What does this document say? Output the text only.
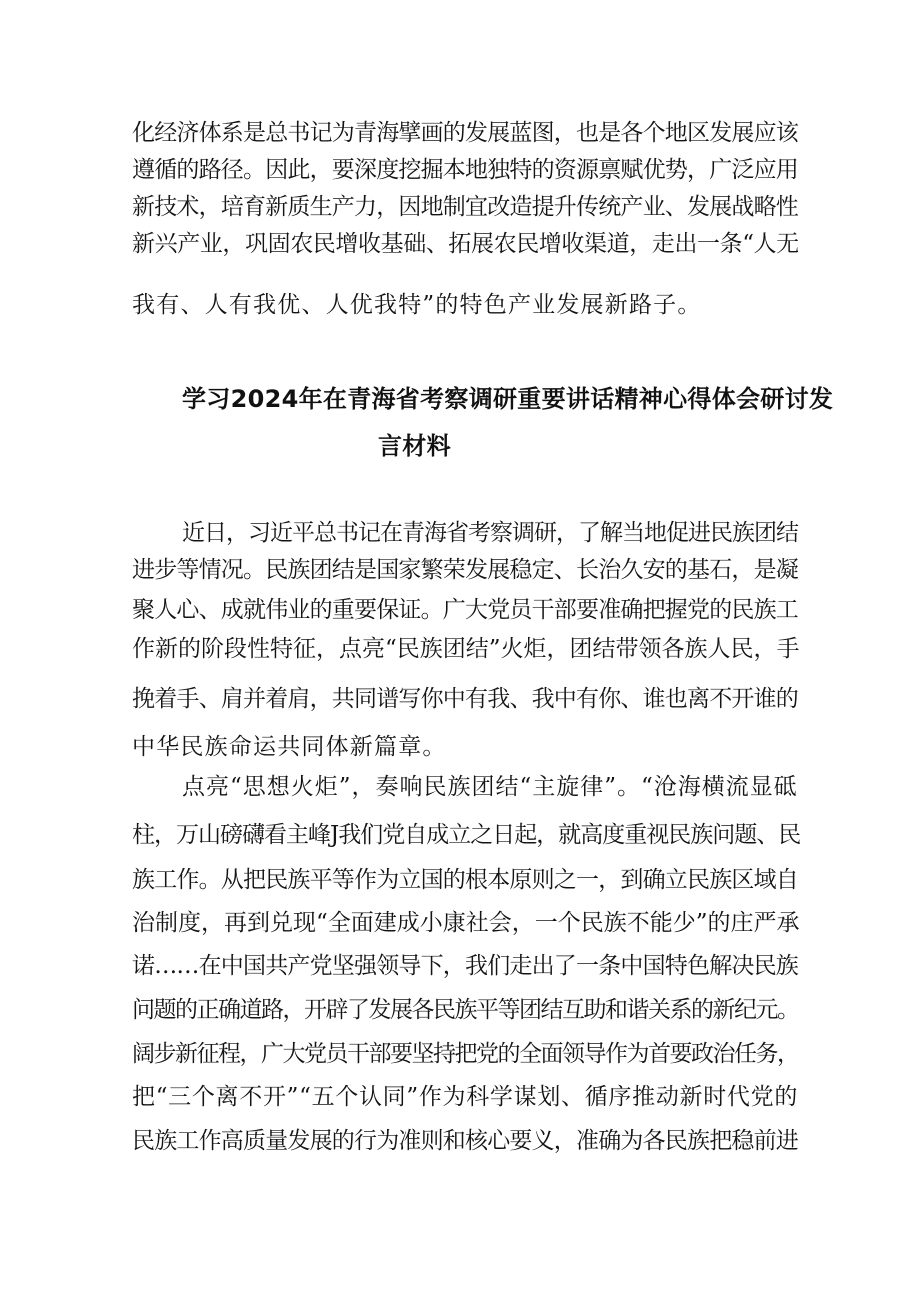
化经济体系是总书记为青海擘画的发展蓝图，也是各个地区发展应该
遵循的路径。因此，要深度挖掘本地独特的资源禀赋优势，广泛应用
新技术，培育新质生产力，因地制宜改造提升传统产业、发展战略性
新兴产业，巩固农民增收基础、拓展农民增收渠道，走出一条“人无
我有、人有我优、人优我特”的特色产业发展新路子。
学习2024年在青海省考察调研重要讲话精神心得体会研讨发
言材料
近日，习近平总书记在青海省考察调研，了解当地促进民族团结
进步等情况。民族团结是国家繁荣发展稳定、长治久安的基石，是凝
聚人心、成就伟业的重要保证。广大党员干部要准确把握党的民族工
作新的阶段性特征，点亮“民族团结”火炬，团结带领各族人民，手
挽着手、肩并着肩，共同谱写你中有我、我中有你、谁也离不开谁的
中华民族命运共同体新篇章。
点亮“思想火炬”，奏响民族团结“主旋律”。“沧海横流显砥
柱，万山磅礴看主峰J我们党自成立之日起，就高度重视民族问题、民
族工作。从把民族平等作为立国的根本原则之一，到确立民族区域自
治制度，再到兑现“全面建成小康社会，一个民族不能少”的庄严承
诺……在中国共产党坚强领导下，我们走出了一条中国特色解决民族
问题的正确道路，开辟了发展各民族平等团结互助和谐关系的新纪元。
阔步新征程，广大党员干部要坚持把党的全面领导作为首要政治任务，
把“三个离不开”“五个认同”作为科学谋划、循序推动新时代党的
民族工作高质量发展的行为准则和核心要义，准确为各民族把稳前进
